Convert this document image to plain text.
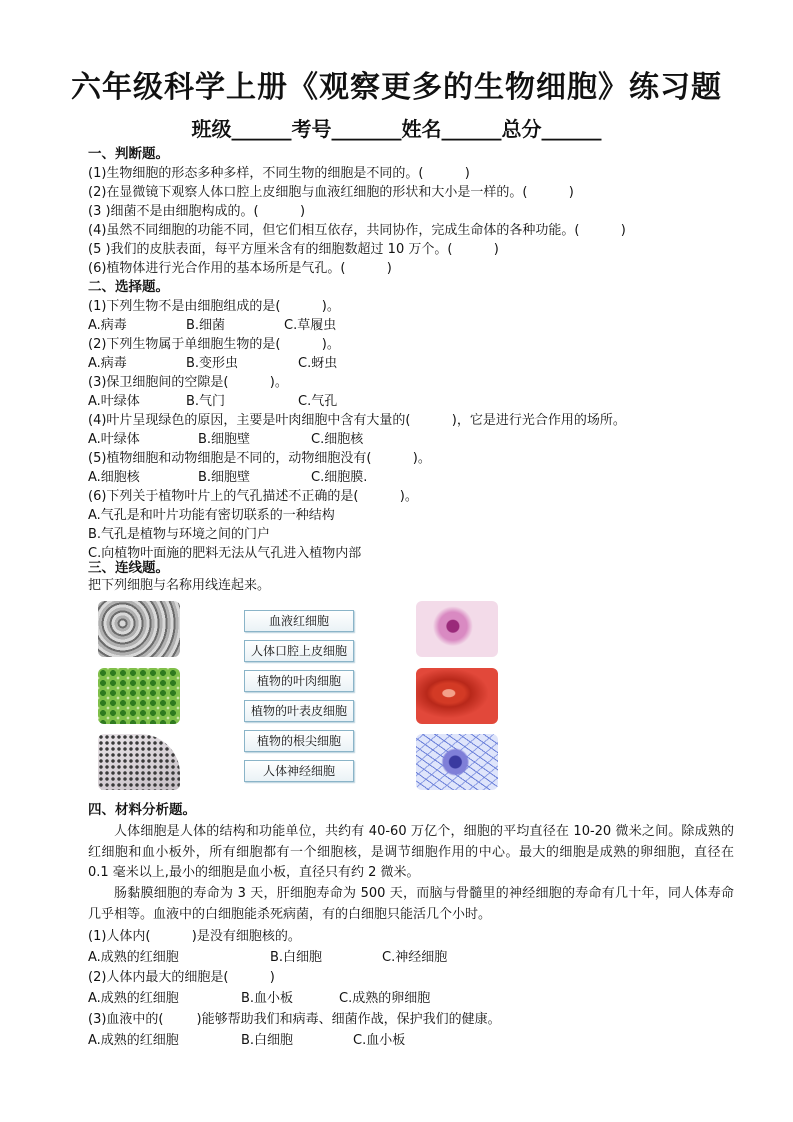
六年级科学上册《观察更多的生物细胞》练习题
班级______考号_______姓名______总分______
一、判断题。
(1)生物细胞的形态多种多样，不同生物的细胞是不同的。(          )
(2)在显微镜下观察人体口腔上皮细胞与血液红细胞的形状和大小是一样的。(          )
(3 )细菌不是由细胞构成的。(          )
(4)虽然不同细胞的功能不同，但它们相互依存，共同协作，完成生命体的各种功能。(          )
(5 )我们的皮肤表面，每平方厘米含有的细胞数超过 10 万个。(          )
(6)植物体进行光合作用的基本场所是气孔。(          )
二、选择题。
(1)下列生物不是由细胞组成的是(          )。
A.病毒	B.细菌	C.草履虫
(2)下列生物属于单细胞生物的是(          )。
A.病毒	B.变形虫	C.蚜虫
(3)保卫细胞间的空隙是(          )。
A.叶绿体	B.气门	C.气孔
(4)叶片呈现绿色的原因，主要是叶肉细胞中含有大量的(          )，它是进行光合作用的场所。
A.叶绿体	B.细胞壁	C.细胞核
(5)植物细胞和动物细胞是不同的，动物细胞没有(          )。
A.细胞核	B.细胞壁	C.细胞膜.
(6)下列关于植物叶片上的气孔描述不正确的是(          )。
A.气孔是和叶片功能有密切联系的一种结构
B.气孔是植物与环境之间的门户
C.向植物叶面施的肥料无法从气孔进入植物内部
三、连线题。
把下列细胞与名称用线连起来。
血液红细胞
人体口腔上皮细胞
植物的叶肉细胞
植物的叶表皮细胞
植物的根尖细胞
人体神经细胞
四、材料分析题。
人体细胞是人体的结构和功能单位，共约有 40-60 万亿个，细胞的平均直径在 10-20 微米之间。除成熟的红细胞和血小板外，所有细胞都有一个细胞核，是调节细胞作用的中心。最大的细胞是成熟的卵细胞，直径在 0.1 毫米以上,最小的细胞是血小板，直径只有约 2 微米。
肠黏膜细胞的寿命为 3 天，肝细胞寿命为 500 天，而脑与骨髓里的神经细胞的寿命有几十年，同人体寿命几乎相等。血液中的白细胞能杀死病菌，有的白细胞只能活几个小时。
(1)人体内(          )是没有细胞核的。
A.成熟的红细胞	B.白细胞	C.神经细胞
(2)人体内最大的细胞是(          )
A.成熟的红细胞	B.血小板	C.成熟的卵细胞
(3)血液中的(        )能够帮助我们和病毒、细菌作战，保护我们的健康。
A.成熟的红细胞	B.白细胞	C.血小板
